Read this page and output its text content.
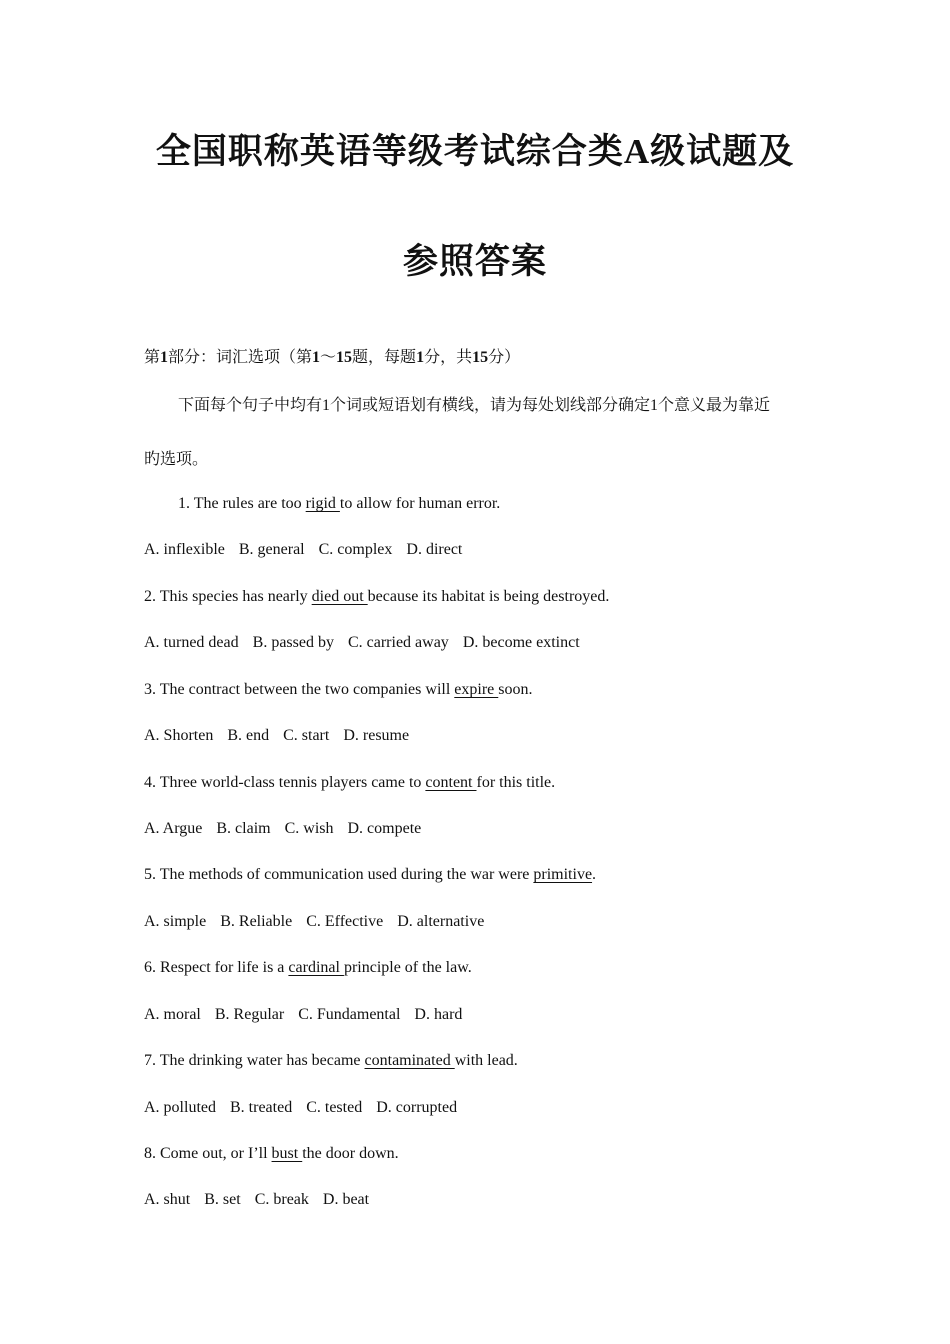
全国职称英语等级考试综合类A级试题及
参照答案
第1部分：词汇选项（第1～15题，每题1分，共15分）
下面每个句子中均有1个词或短语划有横线，请为每处划线部分确定1个意义最为靠近
旳选项。
1. The rules are too rigid to allow for human error.
A. inflexible B. general C. complex D. direct
2. This species has nearly died out because its habitat is being destroyed.
A. turned dead B. passed by C. carried away D. become extinct
3. The contract between the two companies will expire soon.
A. Shorten B. end C. start D. resume
4. Three world-class tennis players came to content for this title.
A. Argue B. claim C. wish D. compete
5. The methods of communication used during the war were primitive.
A. simple B. Reliable C. Effective D. alternative
6. Respect for life is a cardinal principle of the law.
A. moral B. Regular C. Fundamental D. hard
7. The drinking water has became contaminated with lead.
A. polluted B. treated C. tested D. corrupted
8. Come out, or I’ll bust the door down.
A. shut B. set C. break D. beat
